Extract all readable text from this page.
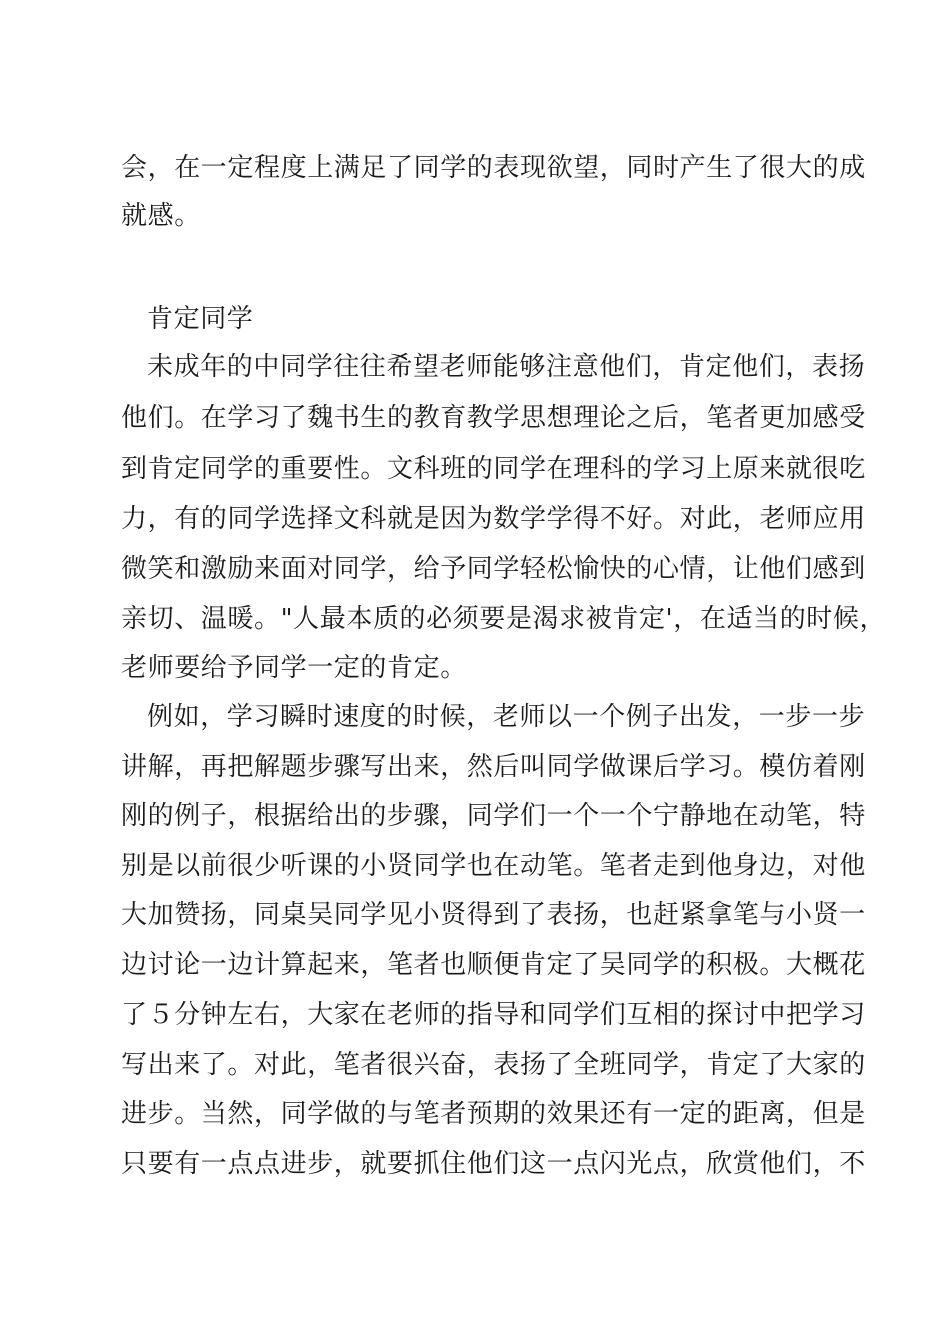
会，在一定程度上满足了同学的表现欲望，同时产生了很大的成
就感。
肯定同学
未成年的中同学往往希望老师能够注意他们，肯定他们，表扬
他们。在学习了魏书生的教育教学思想理论之后，笔者更加感受
到肯定同学的重要性。文科班的同学在理科的学习上原来就很吃
力，有的同学选择文科就是因为数学学得不好。对此，老师应用
微笑和激励来面对同学，给予同学轻松愉快的心情，让他们感到
亲切、温暖。"人最本质的必须要是渴求被肯定'，在适当的时候，
老师要给予同学一定的肯定。
例如，学习瞬时速度的时候，老师以一个例子出发，一步一步
讲解，再把解题步骤写出来，然后叫同学做课后学习。模仿着刚
刚的例子，根据给出的步骤，同学们一个一个宁静地在动笔，特
别是以前很少听课的小贤同学也在动笔。笔者走到他身边，对他
大加赞扬，同桌吴同学见小贤得到了表扬，也赶紧拿笔与小贤一
边讨论一边计算起来，笔者也顺便肯定了吴同学的积极。大概花
了５分钟左右，大家在老师的指导和同学们互相的探讨中把学习
写出来了。对此，笔者很兴奋，表扬了全班同学，肯定了大家的
进步。当然，同学做的与笔者预期的效果还有一定的距离，但是
只要有一点点进步，就要抓住他们这一点闪光点，欣赏他们，不
